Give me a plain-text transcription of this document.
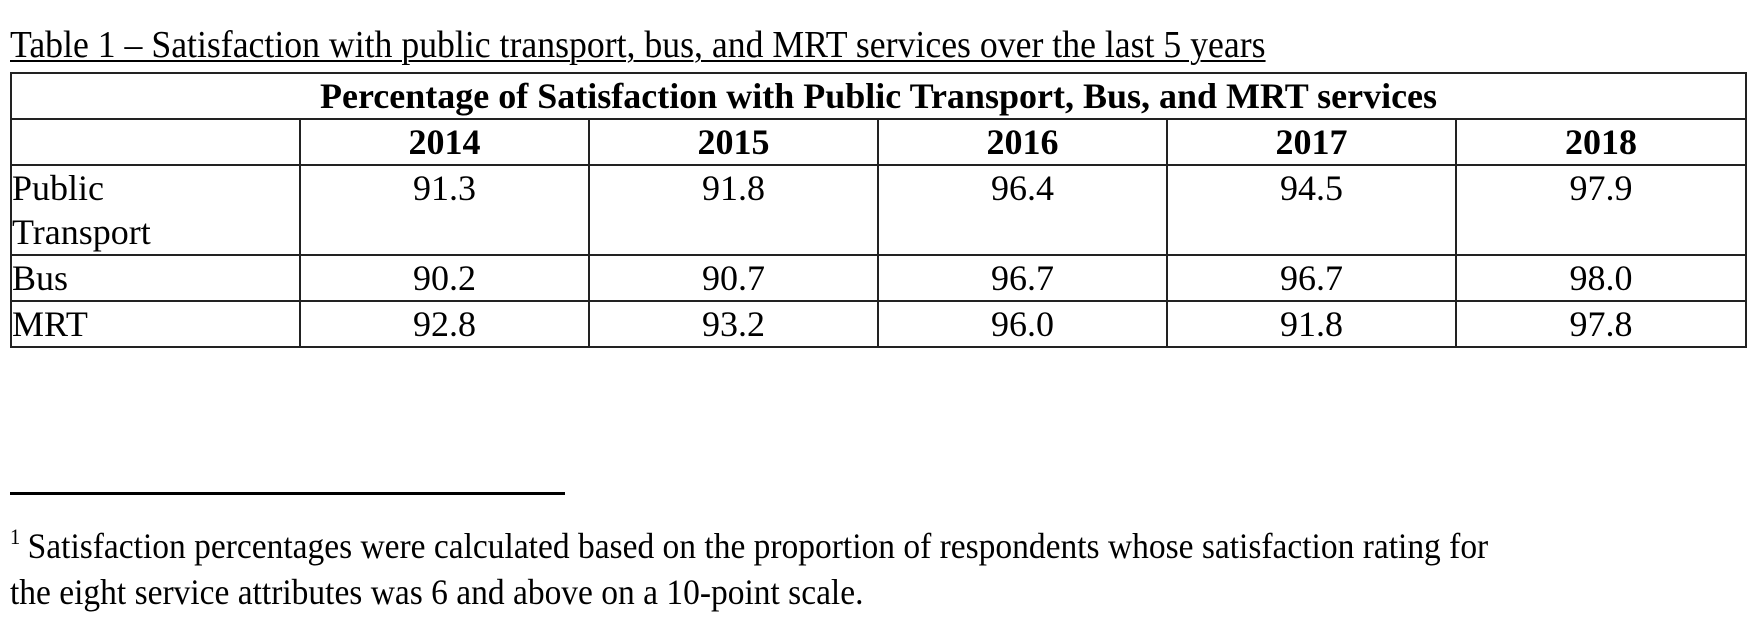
Table 1 – Satisfaction with public transport, bus, and MRT services over the last 5 years
Percentage of Satisfaction with Public Transport, Bus, and MRT services					
	2014	2015	2016	2017	2018

Public
Transport	91.3	91.8	96.4	94.5	97.9
Bus	90.2	90.7	96.7	96.7	98.0
MRT	92.8	93.2	96.0	91.8	97.8
$^1$ Satisfaction percentages were calculated based on the proportion of respondents whose satisfaction rating for
the eight service attributes was 6 and above on a 10-point scale.
